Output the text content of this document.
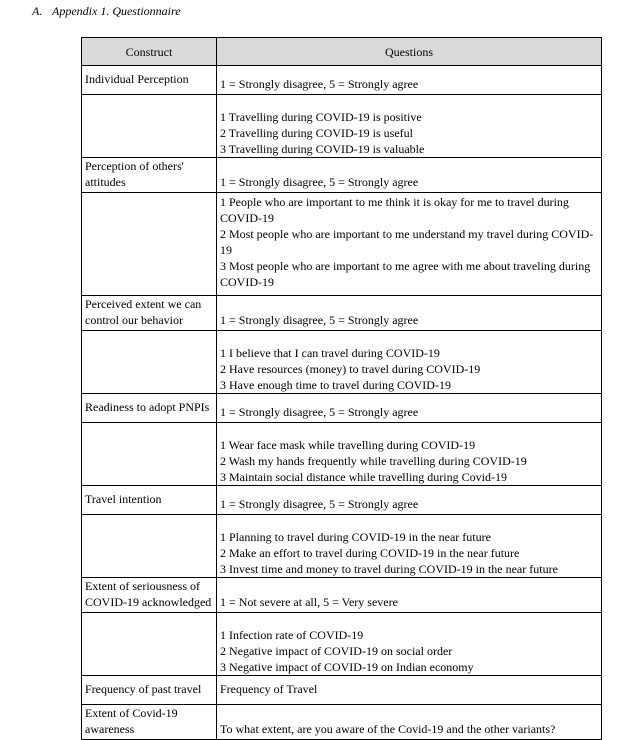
A. Appendix 1. Questionnaire
Construct	Questions
Individual Perception	1 = Strongly disagree, 5 = Strongly agree

	1 Travelling during COVID-19 is positive
2 Travelling during COVID-19 is useful
3 Travelling during COVID-19 is valuable

Perception of others' attitudes	1 = Strongly disagree, 5 = Strongly agree

	1 People who are important to me think it is okay for me to travel during COVID-19
2 Most people who are important to me understand my travel during COVID-19
3 Most people who are important to me agree with me about traveling during COVID-19

Perceived extent we can control our behavior	1 = Strongly disagree, 5 = Strongly agree

	1 I believe that I can travel during COVID-19
2 Have resources (money) to travel during COVID-19
3 Have enough time to travel during COVID-19

Readiness to adopt PNPIs	1 = Strongly disagree, 5 = Strongly agree

	1 Wear face mask while travelling during COVID-19
2 Wash my hands frequently while travelling during COVID-19
3 Maintain social distance while travelling during Covid-19

Travel intention	1 = Strongly disagree, 5 = Strongly agree

	1 Planning to travel during COVID-19 in the near future
2 Make an effort to travel during COVID-19 in the near future
3 Invest time and money to travel during COVID-19 in the near future

Extent of seriousness of COVID-19 acknowledged	1 = Not severe at all, 5 = Very severe

	1 Infection rate of COVID-19
2 Negative impact of COVID-19 on social order
3 Negative impact of COVID-19 on Indian economy

Frequency of past travel	Frequency of Travel
Extent of Covid-19 awareness	To what extent, are you aware of the Covid-19 and the other variants?
